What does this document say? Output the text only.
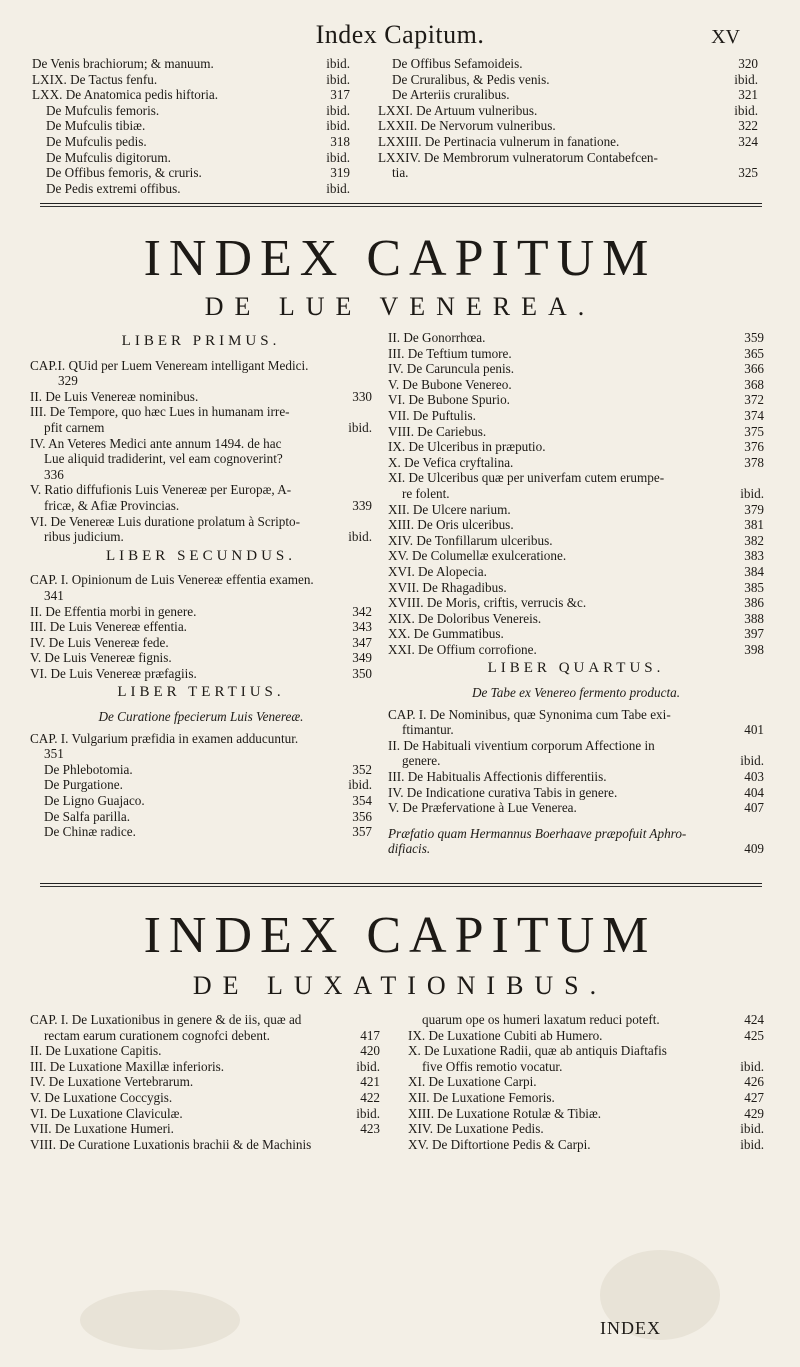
Index Capitum.	XV
De Venis brachiorum; & manuum.	ibid.
LXIX. De Tactus fenfu.	ibid.
LXX. De Anatomica pedis hiftoria.	317
De Mufculis femoris.	ibid.
De Mufculis tibiæ.	ibid.
De Mufculis pedis.	318
De Mufculis digitorum.	ibid.
De Offibus femoris, & cruris.	319
De Pedis extremi offibus.	ibid.
De Offibus Sefamoideis.	320
De Cruralibus, & Pedis venis.	ibid.
De Arteriis cruralibus.	321
LXXI. De Artuum vulneribus.	ibid.
LXXII. De Nervorum vulneribus.	322
LXXIII. De Pertinacia vulnerum in fanatione.	324
LXXIV. De Membrorum vulneratorum Contabefcen-
tia.	325
INDEX CAPITUM
DE LUE VENEREA.
LIBER PRIMUS.
CAP.I. QUid per Luem Veneream intelligant Medici.
329
II. De Luis Venereæ nominibus.	330
III. De Tempore, quo hæc Lues in humanam irre-
pfit carnem	ibid.
IV. An Veteres Medici ante annum 1494. de hac
Lue aliquid tradiderint, vel eam cognoverint?
336
V. Ratio diffufionis Luis Venereæ per Europæ, A-
fricæ, & Afiæ Provincias.	339
VI. De Venereæ Luis duratione prolatum à Scripto-
ribus judicium.	ibid.
LIBER SECUNDUS.
CAP. I. Opinionum de Luis Venereæ effentia examen.
341
II. De Effentia morbi in genere.	342
III. De Luis Venereæ effentia.	343
IV. De Luis Venereæ fede.	347
V. De Luis Venereæ fignis.	349
VI. De Luis Venereæ præfagiis.	350
LIBER TERTIUS.
De Curatione fpecierum Luis Venereæ.
CAP. I. Vulgarium præfidia in examen adducuntur.
351
De Phlebotomia.	352
De Purgatione.	ibid.
De Ligno Guajaco.	354
De Salfa parilla.	356
De Chinæ radice.	357
II. De Gonorrhœa.	359
III. De Teftium tumore.	365
IV. De Caruncula penis.	366
V. De Bubone Venereo.	368
VI. De Bubone Spurio.	372
VII. De Puftulis.	374
VIII. De Cariebus.	375
IX. De Ulceribus in præputio.	376
X. De Vefica cryftalina.	378
XI. De Ulceribus quæ per univerfam cutem erumpe-
re folent.	ibid.
XII. De Ulcere narium.	379
XIII. De Oris ulceribus.	381
XIV. De Tonfillarum ulceribus.	382
XV. De Columellæ exulceratione.	383
XVI. De Alopecia.	384
XVII. De Rhagadibus.	385
XVIII. De Moris, criftis, verrucis &c.	386
XIX. De Doloribus Venereis.	388
XX. De Gummatibus.	397
XXI. De Offium corrofione.	398
LIBER QUARTUS.
De Tabe ex Venereo fermento producta.
CAP. I. De Nominibus, quæ Synonima cum Tabe exi-
ftimantur.	401
II. De Habituali viventium corporum Affectione in
genere.	ibid.
III. De Habitualis Affectionis differentiis.	403
IV. De Indicatione curativa Tabis in genere.	404
V. De Præfervatione à Lue Venerea.	407
Præfatio quam Hermannus Boerhaave præpofuit Aphro-
difiacis.	409
INDEX CAPITUM
DE LUXATIONIBUS.
CAP. I. De Luxationibus in genere & de iis, quæ ad
rectam earum curationem cognofci debent.	417
II. De Luxatione Capitis.	420
III. De Luxatione Maxillæ inferioris.	ibid.
IV. De Luxatione Vertebrarum.	421
V. De Luxatione Coccygis.	422
VI. De Luxatione Claviculæ.	ibid.
VII. De Luxatione Humeri.	423
VIII. De Curatione Luxationis brachii & de Machinis
quarum ope os humeri laxatum reduci poteft.	424
IX. De Luxatione Cubiti ab Humero.	425
X. De Luxatione Radii, quæ ab antiquis Diaftafis
five Offis remotio vocatur.	ibid.
XI. De Luxatione Carpi.	426
XII. De Luxatione Femoris.	427
XIII. De Luxatione Rotulæ & Tibiæ.	429
XIV. De Luxatione Pedis.	ibid.
XV. De Diftortione Pedis & Carpi.	ibid.
INDEX
